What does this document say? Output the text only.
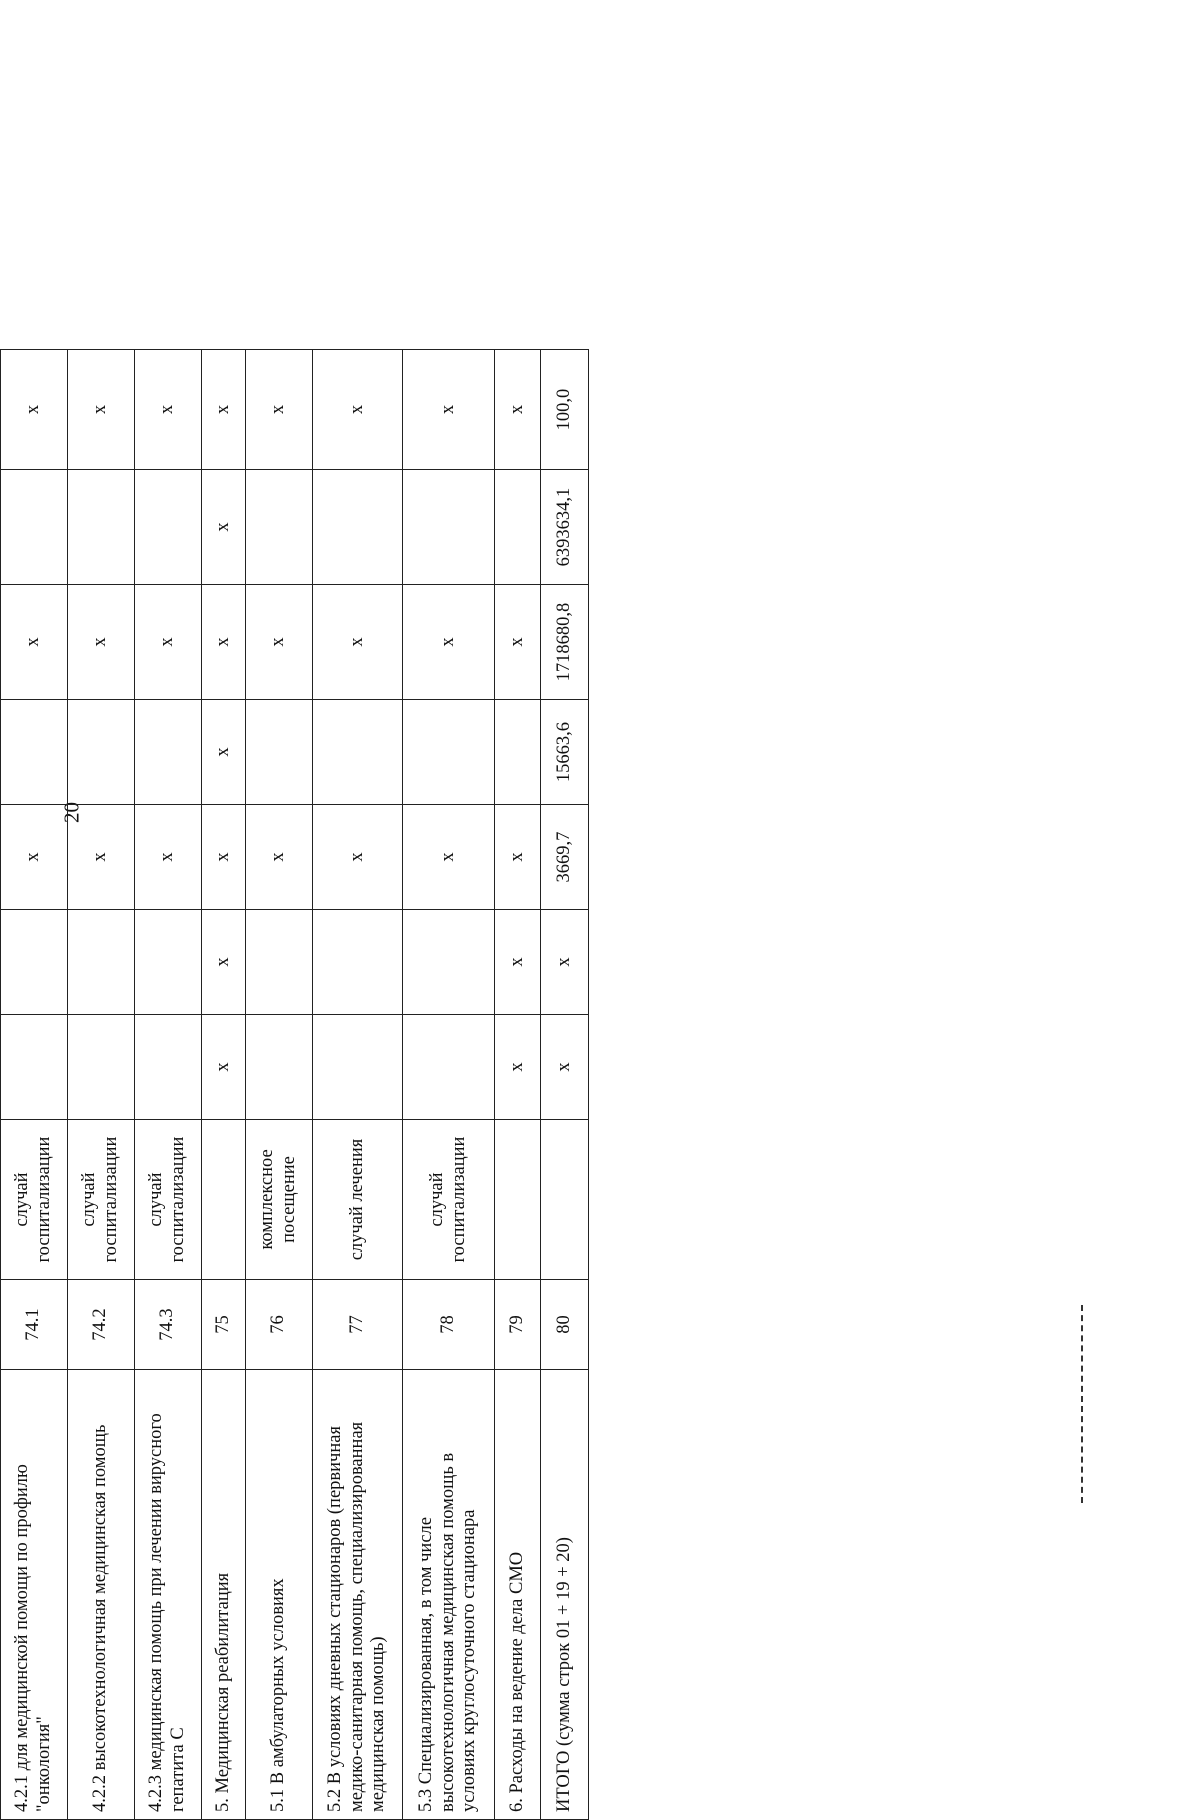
20

4.2.1 для медицинской помощи по профилю "онкология"	74.1	случай госпитализации			х		х		х
4.2.2 высокотехнологичная медицинская помощь	74.2	случай госпитализации			х		х		х
4.2.3 медицинская помощь при лечении вирусного гепатита С	74.3	случай госпитализации			х		х		х
5. Медицинская реабилитация	75		х	х	х	х	х	х	х
5.1 В амбулаторных условиях	76	комплексное посещение			х		х		х
5.2 В условиях дневных стационаров (первичная медико-санитарная помощь, специализированная медицинская помощь)	77	случай лечения			х		х		х
5.3 Специализированная, в том числе высокотехнологичная медицинская помощь в условиях круглосуточного стационара	78	случай госпитализации			х		х		х
6. Расходы на ведение дела СМО	79		х	х	х		х		х
ИТОГО (сумма строк 01 + 19 + 20)	80		х	х	3669,7	15663,6	1718680,8	6393634,1	100,0
